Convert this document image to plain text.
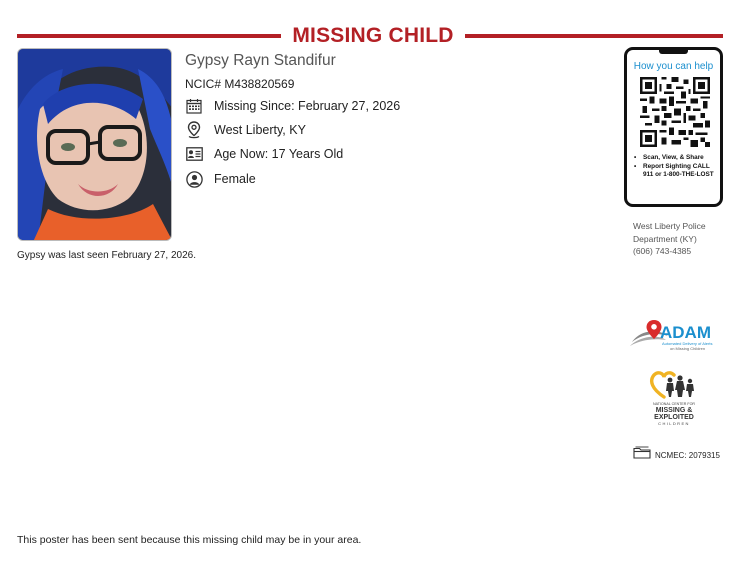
MISSING CHILD
Gypsy Rayn Standifur
NCIC# M438820569
Missing Since: February 27, 2026
West Liberty, KY
Age Now: 17 Years Old
Female
Gypsy was last seen February 27, 2026.
How you can help
• Scan, View, & Share
• Report Sighting CALL 911 or 1-800-THE-LOST
West Liberty Police
Department (KY)
(606) 743-4385
ADAM
Automated Delivery of Alerts
on Missing Children
NATIONAL CENTER FOR
MISSING &
EXPLOITED
CHILDREN
NCMEC: 2079315
This poster has been sent because this missing child may be in your area.
